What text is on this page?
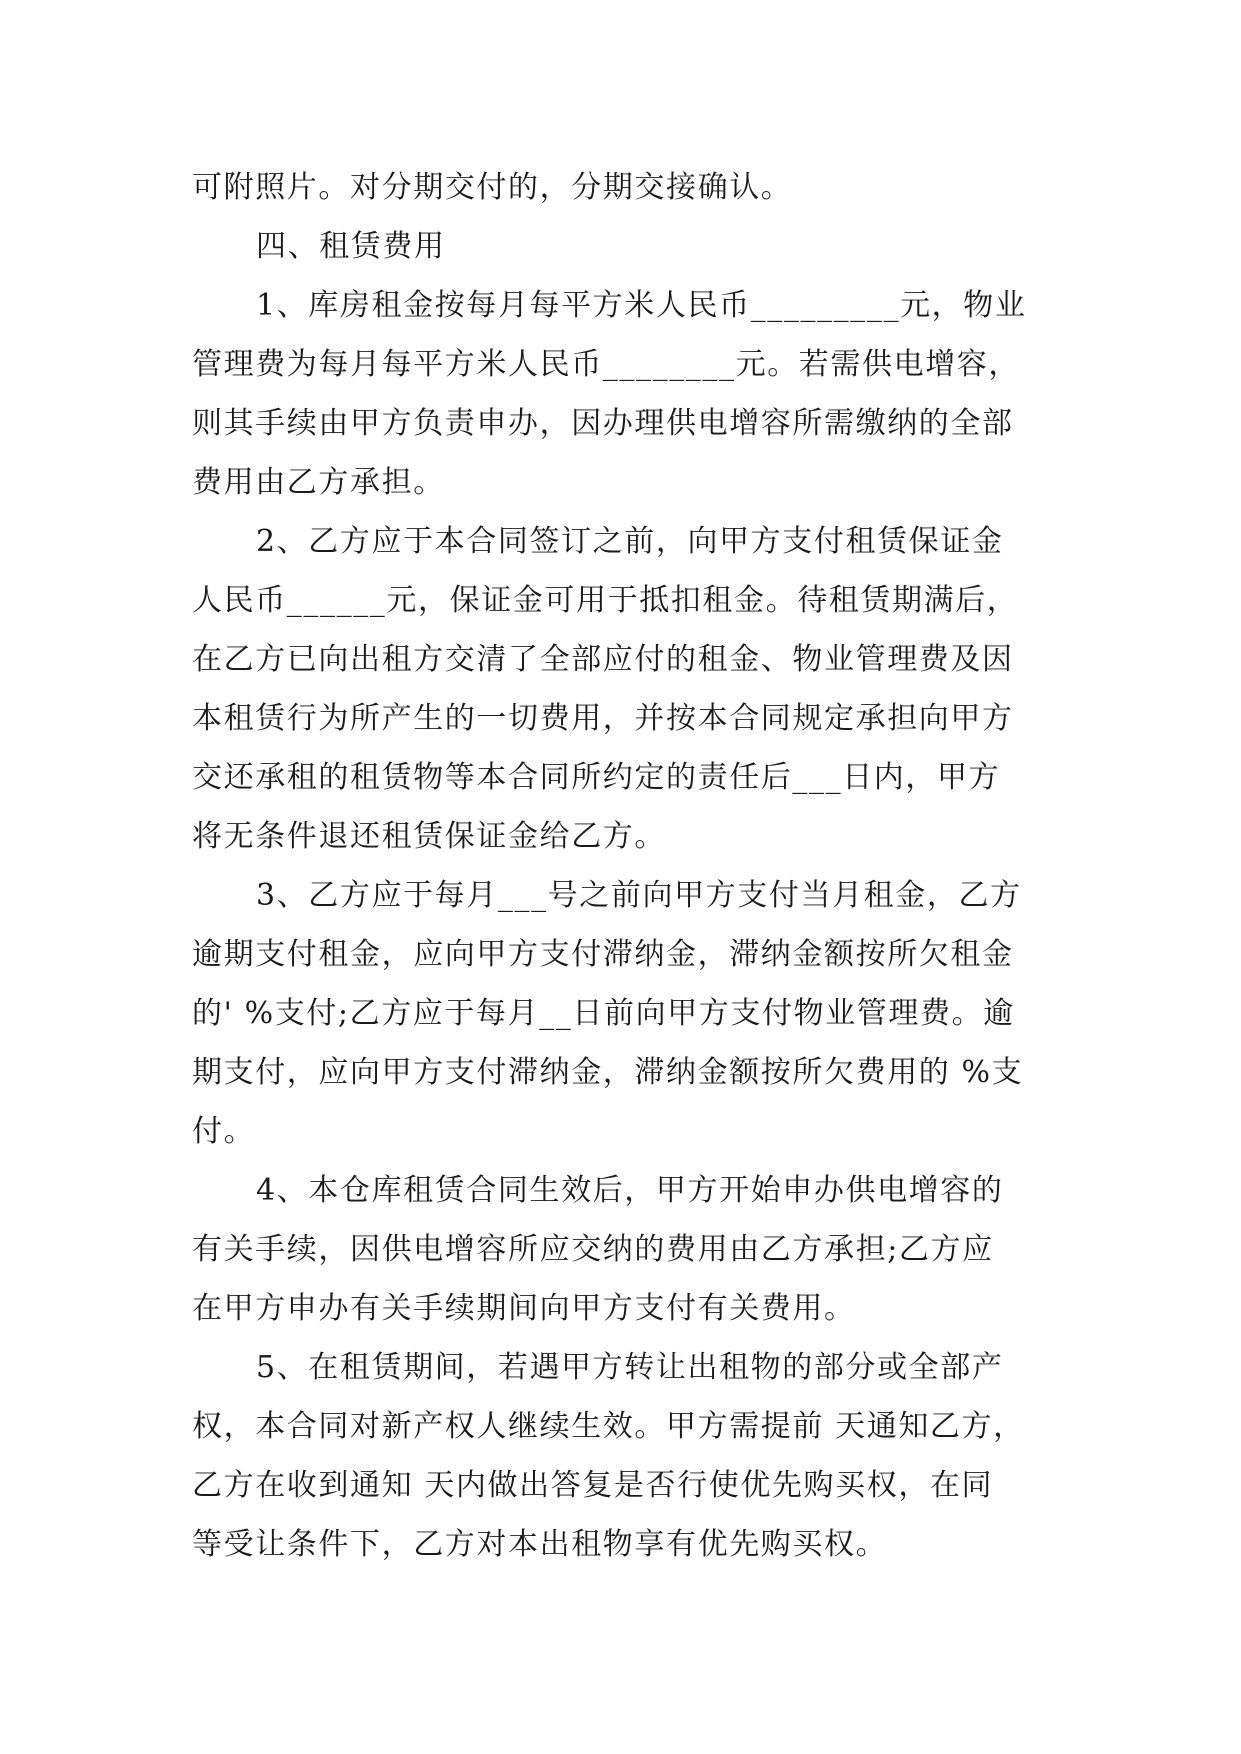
可附照片。对分期交付的，分期交接确认。
四、租赁费用
1、库房租金按每月每平方米人民币_________元，物业
管理费为每月每平方米人民币________元。若需供电增容，
则其手续由甲方负责申办，因办理供电增容所需缴纳的全部
费用由乙方承担。
2、乙方应于本合同签订之前，向甲方支付租赁保证金
人民币______元，保证金可用于抵扣租金。待租赁期满后，
在乙方已向出租方交清了全部应付的租金、物业管理费及因
本租赁行为所产生的一切费用，并按本合同规定承担向甲方
交还承租的租赁物等本合同所约定的责任后___日内，甲方
将无条件退还租赁保证金给乙方。
3、乙方应于每月___号之前向甲方支付当月租金，乙方
逾期支付租金，应向甲方支付滞纳金，滞纳金额按所欠租金
的' %支付;乙方应于每月__日前向甲方支付物业管理费。逾
期支付，应向甲方支付滞纳金，滞纳金额按所欠费用的 %支
付。
4、本仓库租赁合同生效后，甲方开始申办供电增容的
有关手续，因供电增容所应交纳的费用由乙方承担;乙方应
在甲方申办有关手续期间向甲方支付有关费用。
5、在租赁期间，若遇甲方转让出租物的部分或全部产
权，本合同对新产权人继续生效。甲方需提前 天通知乙方，
乙方在收到通知 天内做出答复是否行使优先购买权，在同
等受让条件下，乙方对本出租物享有优先购买权。
